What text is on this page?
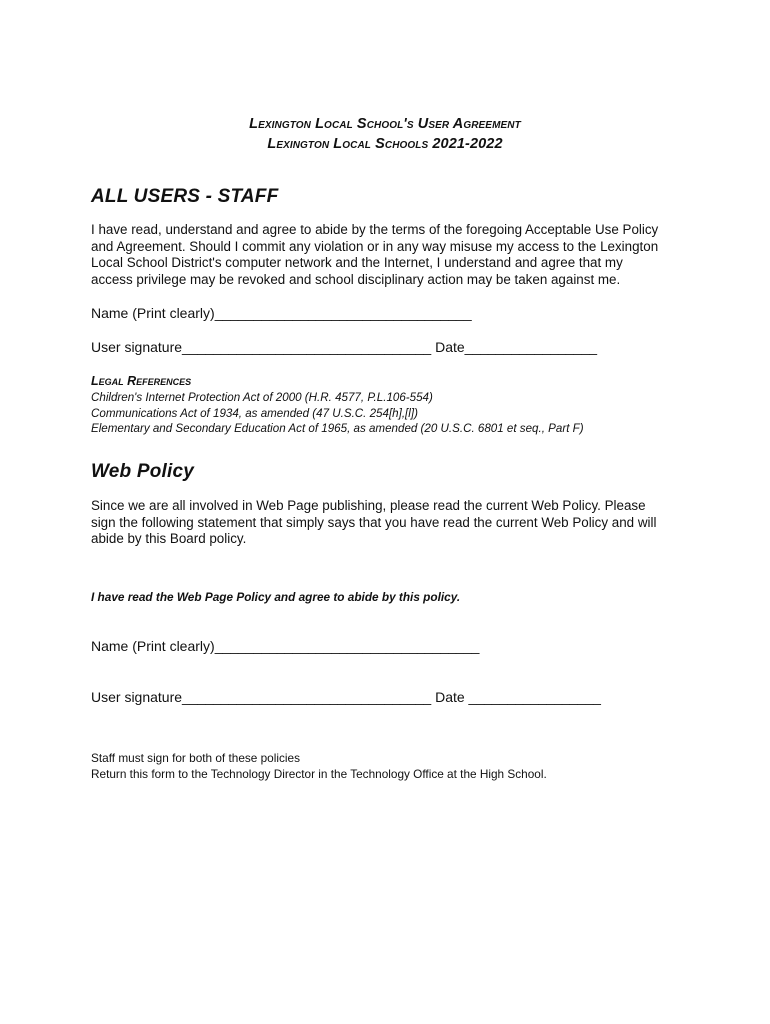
Lexington Local School's User Agreement
Lexington Local Schools 2021-2022
ALL USERS - STAFF
I have read, understand and agree to abide by the terms of the foregoing Acceptable Use Policy
and Agreement. Should I commit any violation or in any way misuse my access to the Lexington
Local School District's computer network and the Internet, I understand and agree that my
access privilege may be revoked and school disciplinary action may be taken against me.
Name (Print clearly)_________________________________
User signature________________________________ Date_________________
Legal References
Children's Internet Protection Act of 2000 (H.R. 4577, P.L.106-554)
Communications Act of 1934, as amended (47 U.S.C. 254[h],[l])
Elementary and Secondary Education Act of 1965, as amended (20 U.S.C. 6801 et seq., Part F)
Web Policy
Since we are all involved in Web Page publishing, please read the current Web Policy. Please
sign the following statement that simply says that you have read the current Web Policy and will
abide by this Board policy.
I have read the Web Page Policy and agree to abide by this policy.
Name (Print clearly)__________________________________
User signature________________________________ Date _________________
Staff must sign for both of these policies
Return this form to the Technology Director in the Technology Office at the High School.
